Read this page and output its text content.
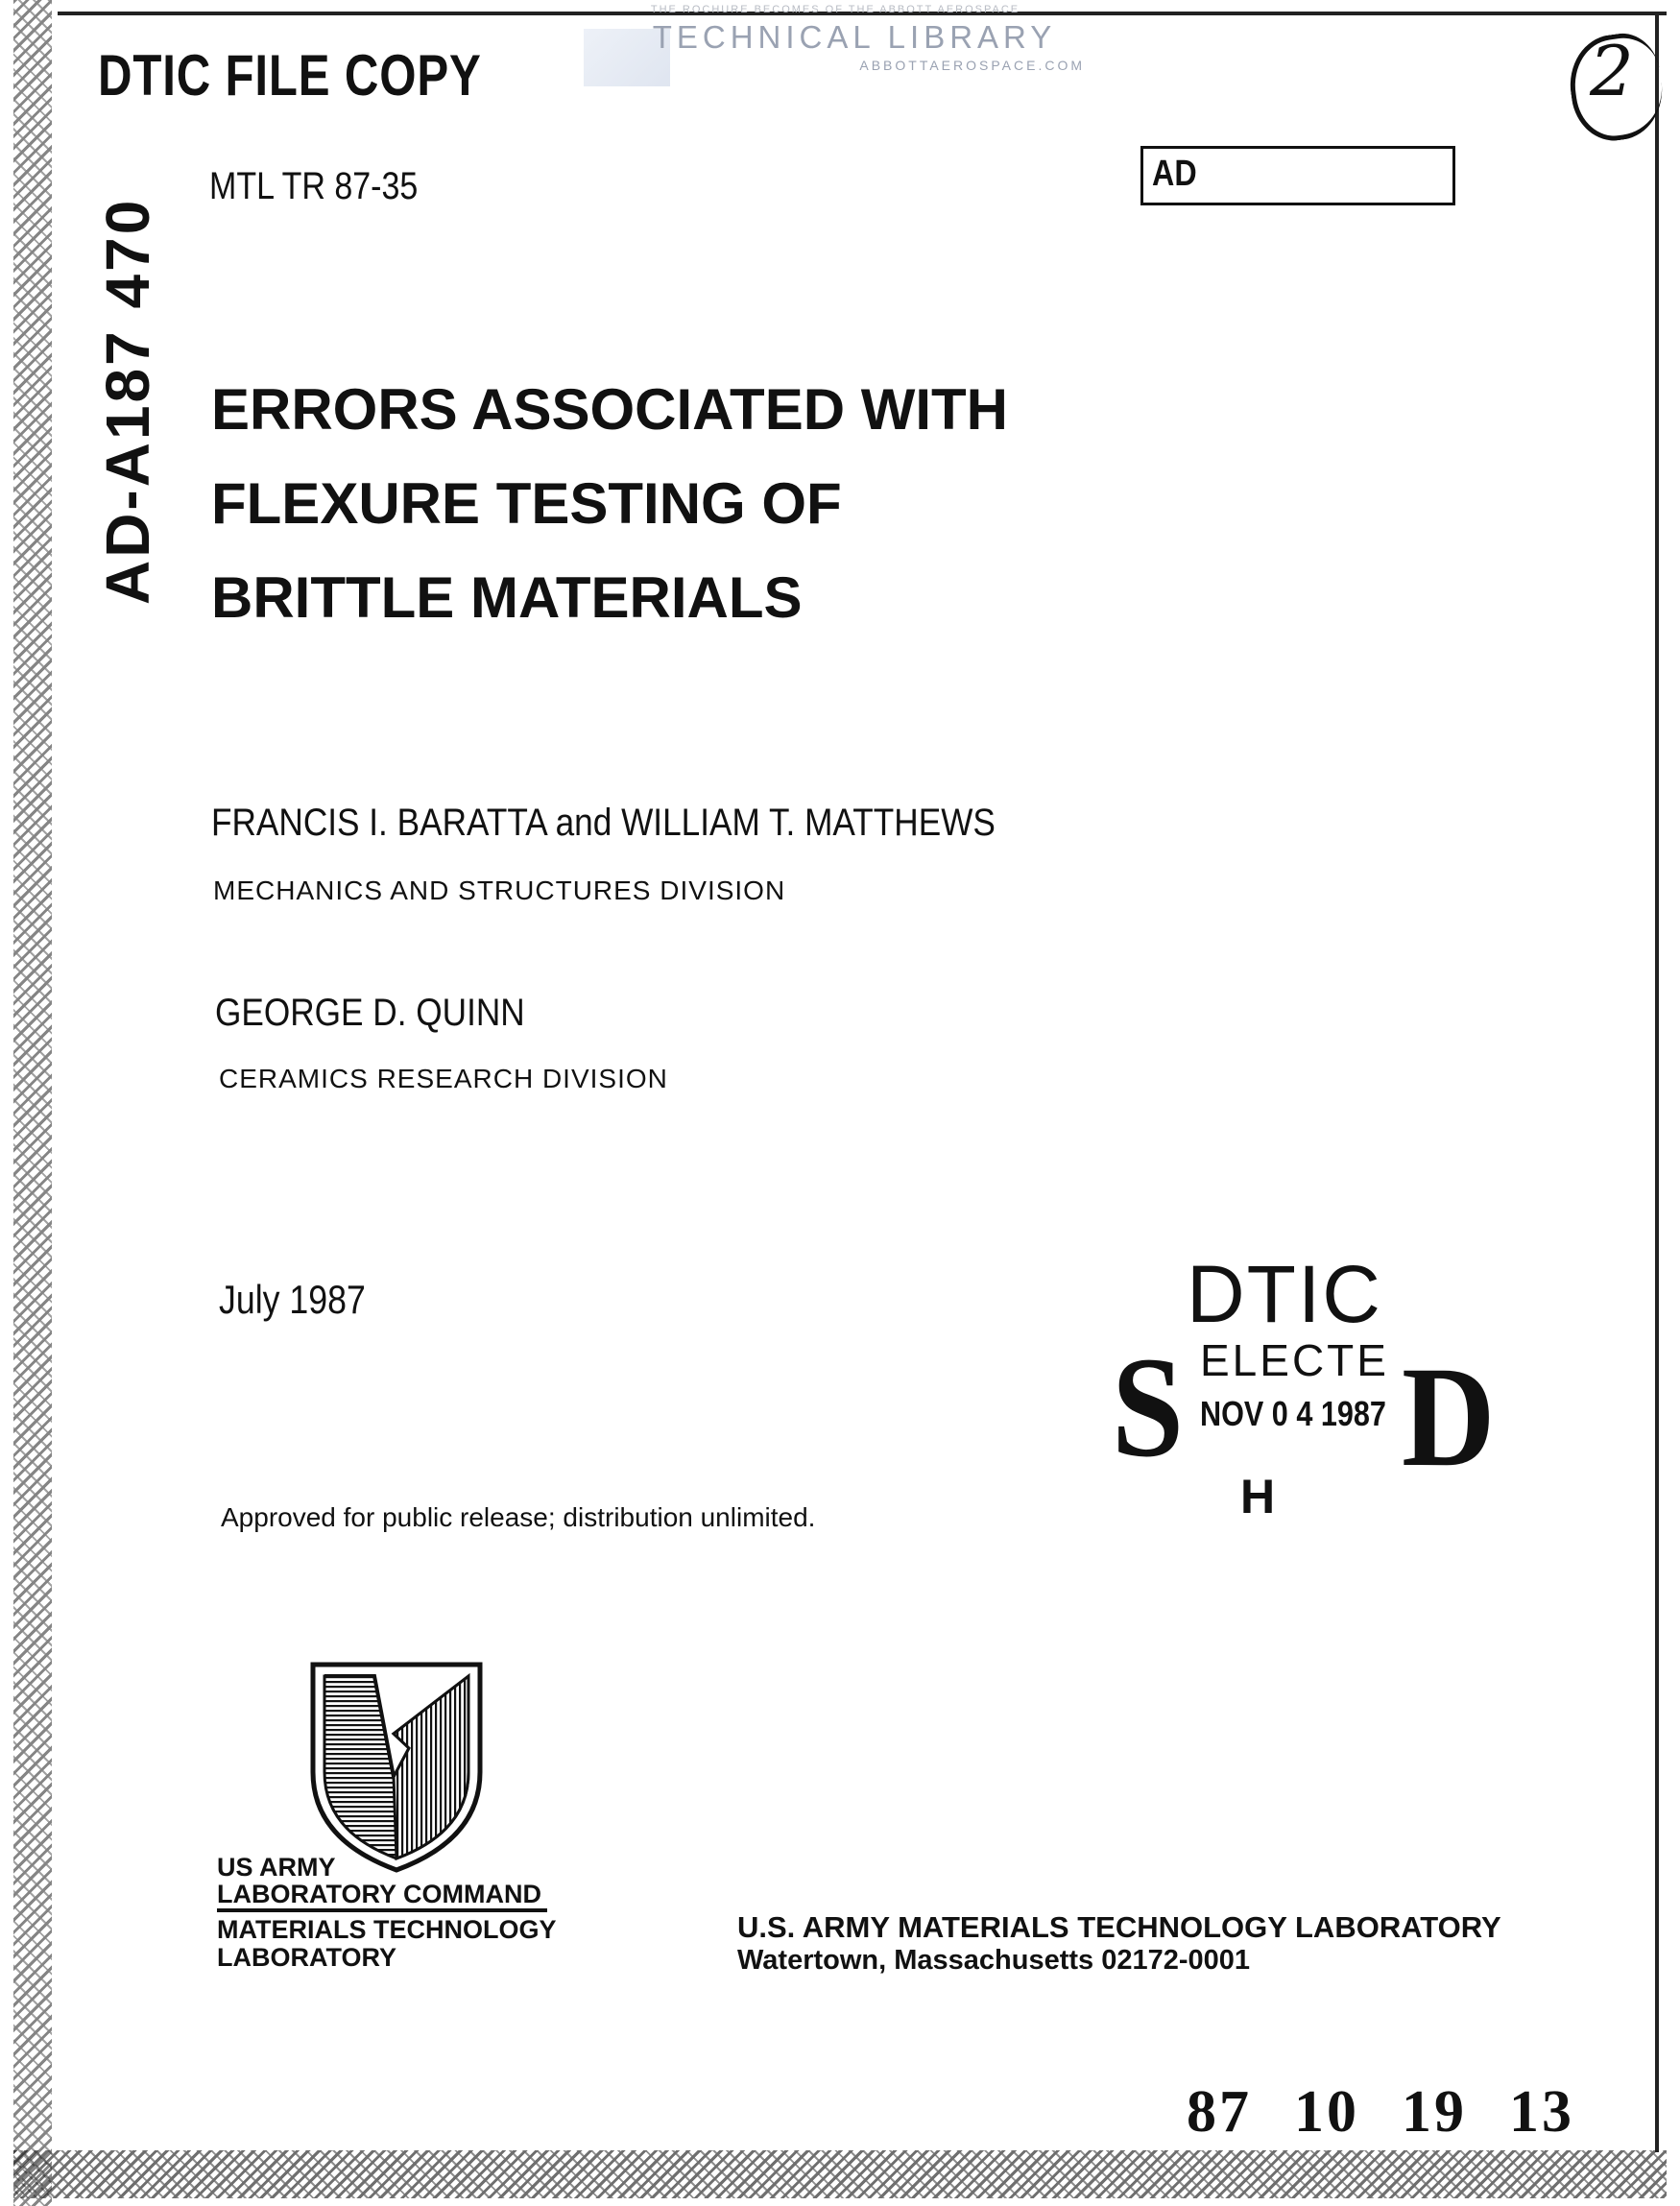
THE ROCHURE BECOMES OF THE ABBOTT AEROSPACE
TECHNICAL LIBRARY
ABBOTTAEROSPACE.COM
DTIC FILE COPY	2
MTL TR 87-35	AD
AD-A187 470 ERRORS ASSOCIATED WITH
FLEXURE TESTING OF
BRITTLE MATERIALS
FRANCIS I. BARATTA and WILLIAM T. MATTHEWS
MECHANICS AND STRUCTURES DIVISION
GEORGE D. QUINN
CERAMICS RESEARCH DIVISION
July 1987
Approved for public release; distribution unlimited.
DTIC
S ELECTE
NOV 0 4 1987 D
H
US ARMY
LABORATORY COMMAND
MATERIALS TECHNOLOGY
LABORATORY
U.S. ARMY MATERIALS TECHNOLOGY LABORATORY
Watertown, Massachusetts 02172-0001
87 10 19 13
